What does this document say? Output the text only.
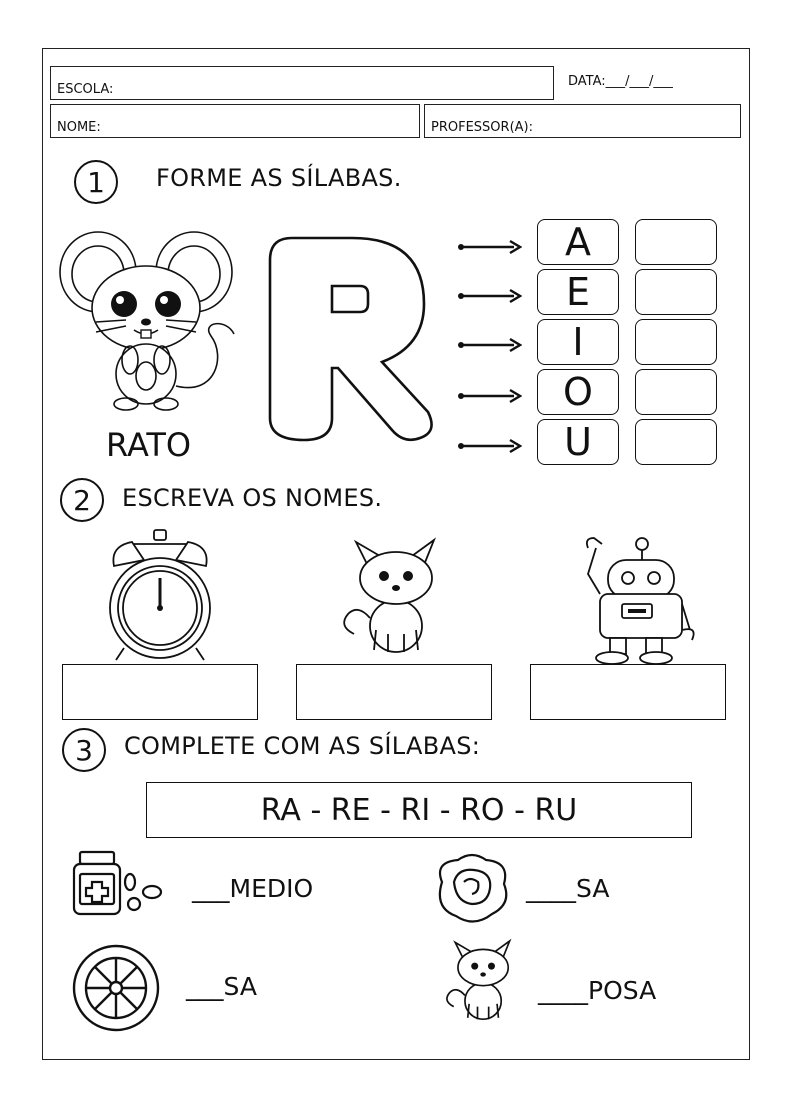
ESCOLA:
DATA:___/___/___
NOME:	PROFESSOR(A):
1 FORME AS SÍLABAS.
RATO
A
E
I
O
U
2 ESCREVA OS NOMES.
3 COMPLETE COM AS SÍLABAS:
RA - RE - RI - RO - RU
___MEDIO	____SA
___SA	____POSA
